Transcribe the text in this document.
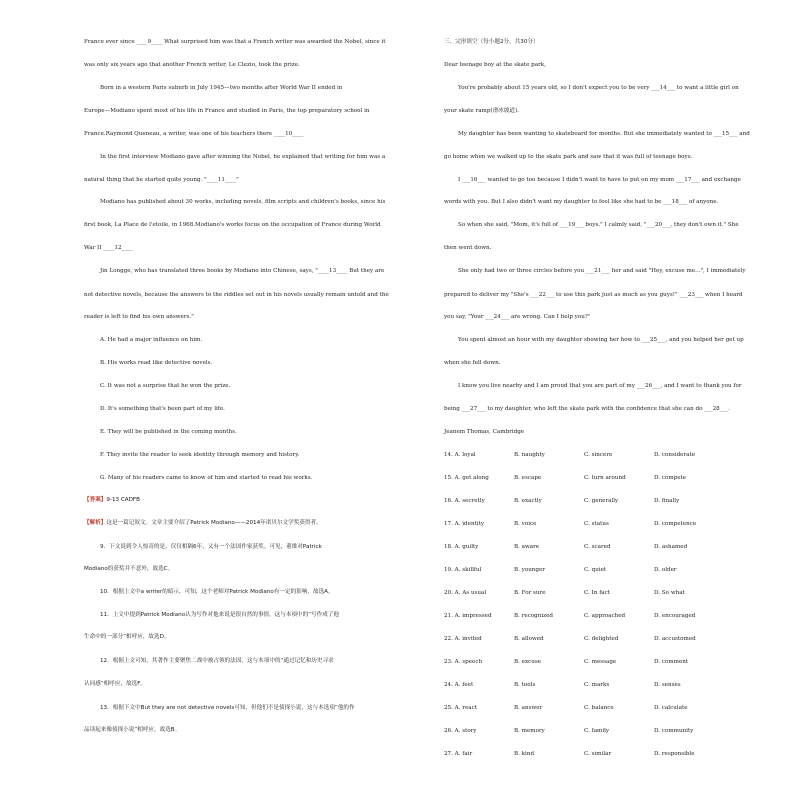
France ever since ____9____ What surprised him was that a French writer was awarded the Nobel, since it
was only six years ago that another French writer, Le Clezio, took the prize.
Born in a western Paris suburb in July 1945—two months after World War II ended in
Europe—Modiano spent most of his life in France and studied in Paris, the top preparatory school in
France.Raymond Queneau, a writer, was one of his teachers there ____10____
In the first interview Modiano gave after winning the Nobel, he explained that writing for him was a
natural thing that he started quite young. "____11____"
Modiano has published about 30 works, including novels, film scripts and children's books, since his
first book, La Place de l'etoile, in 1968.Modiano's works focus on the occupation of France during World
War II ____12____
Jin Longge, who has translated three books by Modiano into Chinese, says, "____13____ But they are
not detective novels, because the answers to the riddles set out in his novels usually remain untold and the
reader is left to find his own answers."
A. He had a major influence on him.
B. His works read like detective novels.
C. It was not a surprise that he won the prize.
D. It's something that's been part of my life.
E. They will be published in the coming months.
F. They invite the reader to seek identity through memory and history.
G. Many of his readers came to know of him and started to read his works.
【答案】9-13 CADFB
【解析】这是一篇记叙文。文章主要介绍了Patrick Modiano——2014年诺贝尔文学奖获得者。
9．下文说到令人惊奇的是，仅仅相隔6年，又有一个法国作家获奖。可见，董维对Patrick
Modiano的获奖并不意外，故选C。
10．根据上文中a writer的暗示，可知，这个老师对Patrick Modiano有一定的影响，故选A。
11．上文中提到Patrick Modiano认为写作对他来说是很自然的事情，这与本项中的“写作成了他
生命中的一部分”相呼应，故选D。
12．根据上文可知，其著作主要聚焦二战中被占领的法国，这与本项中的“通过记忆和历史寻求
认同感”相呼应，故选F。
13．根据下文中But they are not detective novels可知，但他们不是侦探小说，这与本选项“他的作
品读起来像侦探小说”相呼应，故选B。
三、完形填空（每小题2分，共30分）
Dear teenage boy at the skate park,
You're probably about 15 years old, so I don't expect you to be very ___14___ to want a little girl on
your skate ramp(滑冰坡道).
My daughter has been wanting to skateboard for months. But she immediately wanted to ___15___ and
go home when we walked up to the skate park and saw that it was full of teenage boys.
I ___16___ wanted to go too because I didn't want to have to put on my mom ___17___ and exchange
words with you. But I also didn't want my daughter to feel like she had to be ___18___ of anyone.
So when she said, "Mom, it's full of ___19___ boys." I calmly said, "___20___, they don't own it." She
then went down.
She only had two or three circles before you ___21___ her and said "Hey, excuse me...", I immediately
prepared to deliver my "She's ___22___ to use this park just as much as you guys!" ___23___ when I heard
you say, "Your ___24___ are wrong. Can I help you?"
You spent almost an hour with my daughter showing her how to ___25___, and you helped her get up
when she fell down.
I know you live nearby and I am proud that you are part of my ___26___, and I want to thank you for
being ___27___ to my daughter, who left the skate park with the confidence that she can do ___28___.
Jeanem Thomas, Cambridge
14. A. loyal	B. naughty	C. sincere	D. considerate
15. A. get along	B. escape	C. turn around	D. compete
16. A. secretly	B. exactly	C. generally	D. finally
17. A. identity	B. voice	C. status	D. competence
18. A. guilty	B. aware	C. scared	D. ashamed
19. A. skillful	B. younger	C. quiet	D. older
20. A. As usual	B. For sure	C. In fact	D. So what
21. A. impressed	B. recognized	C. approached	D. encouraged
22. A. invited	B. allowed	C. delighted	D. accustomed
23. A. speech	B. excuse	C. message	D. comment
24. A. feet	B. tools	C. marks	D. senses
25. A. react	B. answer	C. balance	D. calculate
26. A. story	B. memory	C. family	D. community
27. A. fair	B. kind	C. similar	D. responsible
